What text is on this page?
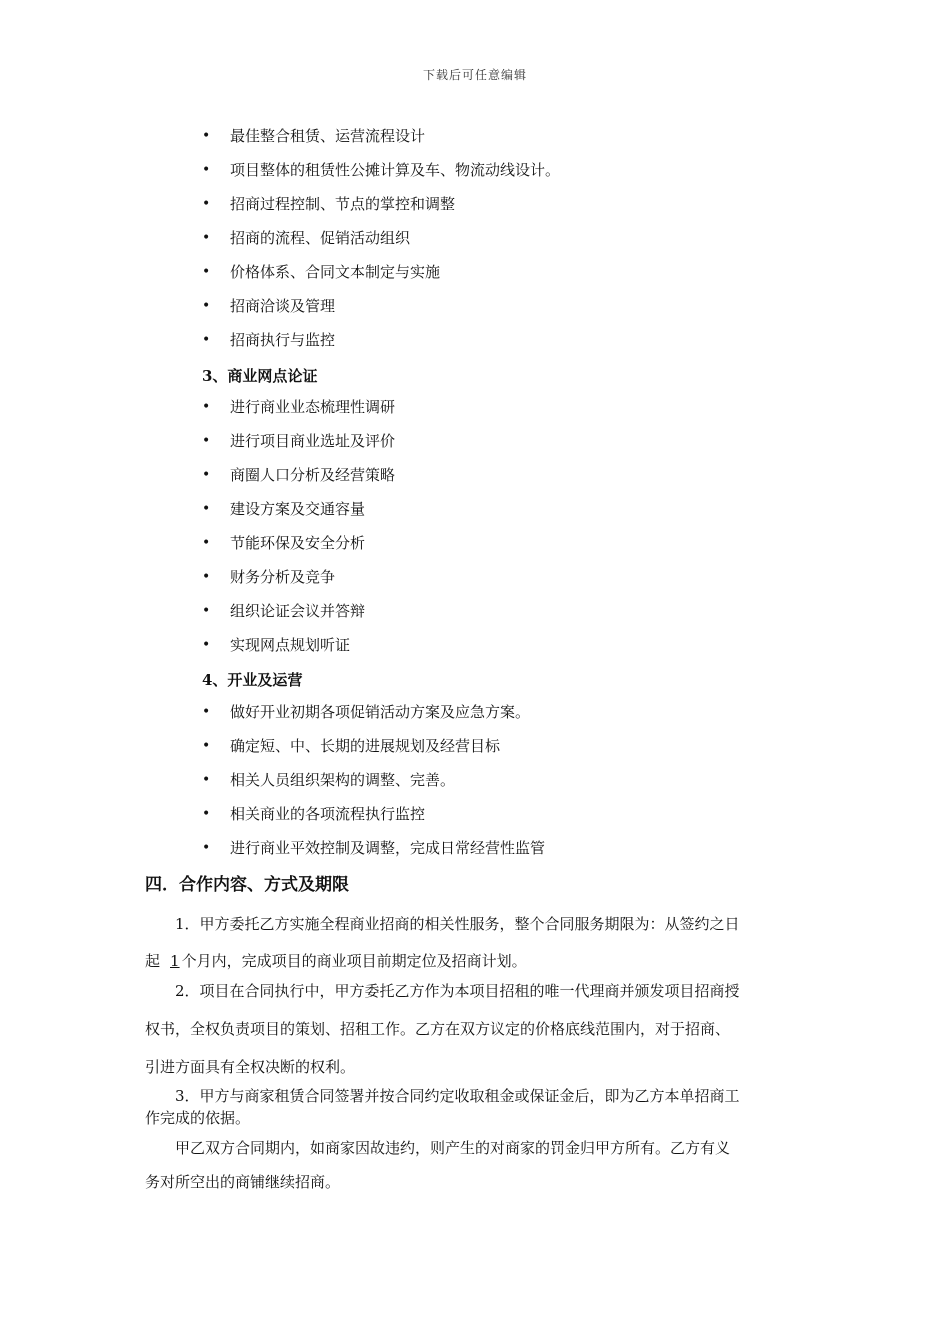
下载后可任意编辑
• 最佳整合租赁、运营流程设计
• 项目整体的租赁性公摊计算及车、物流动线设计。
• 招商过程控制、节点的掌控和调整
• 招商的流程、促销活动组织
• 价格体系、合同文本制定与实施
• 招商洽谈及管理
• 招商执行与监控
3、商业网点论证
• 进行商业业态梳理性调研
• 进行项目商业选址及评价
• 商圈人口分析及经营策略
• 建设方案及交通容量
• 节能环保及安全分析
• 财务分析及竞争
• 组织论证会议并答辩
• 实现网点规划听证
4、开业及运营
• 做好开业初期各项促销活动方案及应急方案。
• 确定短、中、长期的进展规划及经营目标
• 相关人员组织架构的调整、完善。
• 相关商业的各项流程执行监控
• 进行商业平效控制及调整，完成日常经营性监管
四．合作内容、方式及期限
1．甲方委托乙方实施全程商业招商的相关性服务，整个合同服务期限为：从签约之日
起 1 个月内，完成项目的商业项目前期定位及招商计划。
2．项目在合同执行中，甲方委托乙方作为本项目招租的唯一代理商并颁发项目招商授
权书，全权负责项目的策划、招租工作。乙方在双方议定的价格底线范围内，对于招商、
引进方面具有全权决断的权利。
3．甲方与商家租赁合同签署并按合同约定收取租金或保证金后，即为乙方本单招商工
作完成的依据。
甲乙双方合同期内，如商家因故违约，则产生的对商家的罚金归甲方所有。乙方有义
务对所空出的商铺继续招商。
